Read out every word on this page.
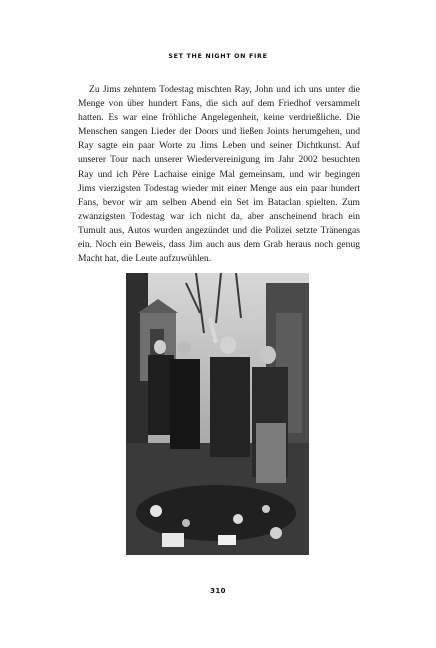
SET THE NIGHT ON FIRE

Zu Jims zehntem Todestag mischten Ray, John und ich uns unter die Menge von über hundert Fans, die sich auf dem Friedhof versammelt hatten. Es war eine fröhliche Angelegenheit, keine verdrießliche. Die Menschen sangen Lieder der Doors und ließen Joints herumgehen, und Ray sagte ein paar Worte zu Jims Leben und seiner Dichtkunst. Auf unserer Tour nach unserer Wiedervereinigung im Jahr 2002 besuchten Ray und ich Père Lachaise einige Mal gemeinsam, und wir begingen Jims vierzigsten Todestag wieder mit einer Menge aus ein paar hundert Fans, bevor wir am selben Abend ein Set im Bataclan spielten. Zum zwanzigsten Todestag war ich nicht da, aber anscheinend brach ein Tumult aus, Autos wurden angezündet und die Polizei setzte Tränengas ein. Noch ein Beweis, dass Jim auch aus dem Grab heraus noch genug Macht hat, die Leute aufzuwühlen.

310
